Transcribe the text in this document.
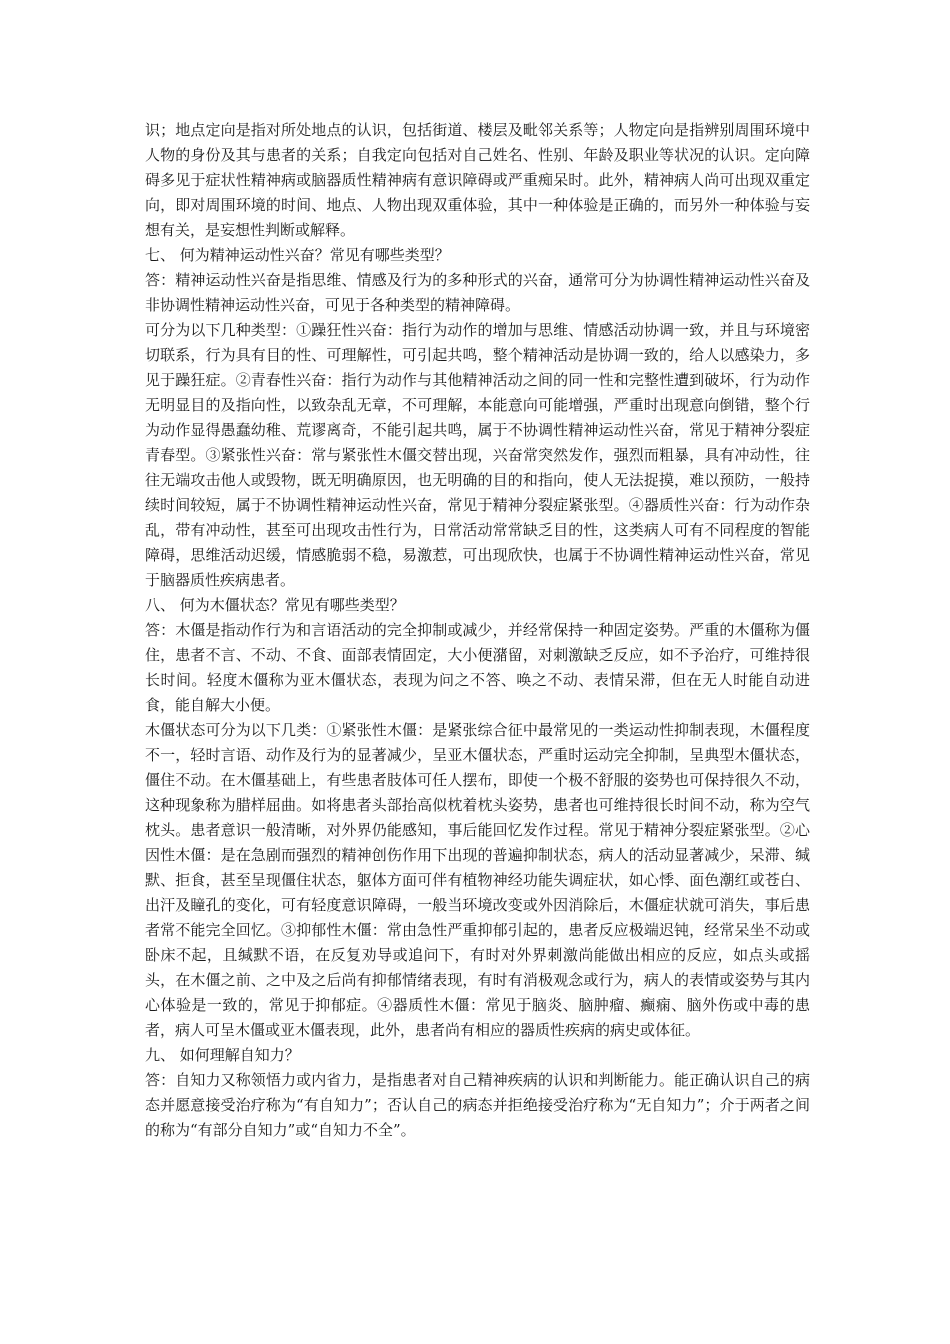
识；地点定向是指对所处地点的认识，包括街道、楼层及毗邻关系等；人物定向是指辨别周围环境中人物的身份及其与患者的关系；自我定向包括对自己姓名、性别、年龄及职业等状况的认识。定向障碍多见于症状性精神病或脑器质性精神病有意识障碍或严重痴呆时。此外，精神病人尚可出现双重定向，即对周围环境的时间、地点、人物出现双重体验，其中一种体验是正确的，而另外一种体验与妄想有关，是妄想性判断或解释。

七、 何为精神运动性兴奋？常见有哪些类型？

答：精神运动性兴奋是指思维、情感及行为的多种形式的兴奋，通常可分为协调性精神运动性兴奋及非协调性精神运动性兴奋，可见于各种类型的精神障碍。

可分为以下几种类型：①躁狂性兴奋：指行为动作的增加与思维、情感活动协调一致，并且与环境密切联系，行为具有目的性、可理解性，可引起共鸣，整个精神活动是协调一致的，给人以感染力，多见于躁狂症。②青春性兴奋：指行为动作与其他精神活动之间的同一性和完整性遭到破坏，行为动作无明显目的及指向性，以致杂乱无章，不可理解，本能意向可能增强，严重时出现意向倒错，整个行为动作显得愚蠢幼稚、荒谬离奇，不能引起共鸣，属于不协调性精神运动性兴奋，常见于精神分裂症青春型。③紧张性兴奋：常与紧张性木僵交替出现，兴奋常突然发作，强烈而粗暴，具有冲动性，往往无端攻击他人或毁物，既无明确原因，也无明确的目的和指向，使人无法捉摸，难以预防，一般持续时间较短，属于不协调性精神运动性兴奋，常见于精神分裂症紧张型。④器质性兴奋：行为动作杂乱，带有冲动性，甚至可出现攻击性行为，日常活动常常缺乏目的性，这类病人可有不同程度的智能障碍，思维活动迟缓，情感脆弱不稳，易激惹，可出现欣快，也属于不协调性精神运动性兴奋，常见于脑器质性疾病患者。

八、 何为木僵状态？常见有哪些类型？

答：木僵是指动作行为和言语活动的完全抑制或减少，并经常保持一种固定姿势。严重的木僵称为僵住，患者不言、不动、不食、面部表情固定，大小便潴留，对刺激缺乏反应，如不予治疗，可维持很长时间。轻度木僵称为亚木僵状态，表现为问之不答、唤之不动、表情呆滞，但在无人时能自动进食，能自解大小便。

木僵状态可分为以下几类：①紧张性木僵：是紧张综合征中最常见的一类运动性抑制表现，木僵程度不一，轻时言语、动作及行为的显著减少，呈亚木僵状态，严重时运动完全抑制，呈典型木僵状态，僵住不动。在木僵基础上，有些患者肢体可任人摆布，即使一个极不舒服的姿势也可保持很久不动，这种现象称为腊样屈曲。如将患者头部抬高似枕着枕头姿势，患者也可维持很长时间不动，称为空气枕头。患者意识一般清晰，对外界仍能感知，事后能回忆发作过程。常见于精神分裂症紧张型。②心因性木僵：是在急剧而强烈的精神创伤作用下出现的普遍抑制状态，病人的活动显著减少，呆滞、缄默、拒食，甚至呈现僵住状态，躯体方面可伴有植物神经功能失调症状，如心悸、面色潮红或苍白、出汗及瞳孔的变化，可有轻度意识障碍，一般当环境改变或外因消除后，木僵症状就可消失，事后患者常不能完全回忆。③抑郁性木僵：常由急性严重抑郁引起的，患者反应极端迟钝，经常呆坐不动或卧床不起，且缄默不语，在反复劝导或追问下，有时对外界刺激尚能做出相应的反应，如点头或摇头，在木僵之前、之中及之后尚有抑郁情绪表现，有时有消极观念或行为，病人的表情或姿势与其内心体验是一致的，常见于抑郁症。④器质性木僵：常见于脑炎、脑肿瘤、癫痫、脑外伤或中毒的患者，病人可呈木僵或亚木僵表现，此外，患者尚有相应的器质性疾病的病史或体征。

九、 如何理解自知力？

答：自知力又称领悟力或内省力，是指患者对自己精神疾病的认识和判断能力。能正确认识自己的病态并愿意接受治疗称为“有自知力”；否认自己的病态并拒绝接受治疗称为“无自知力”；介于两者之间的称为“有部分自知力”或“自知力不全”。
